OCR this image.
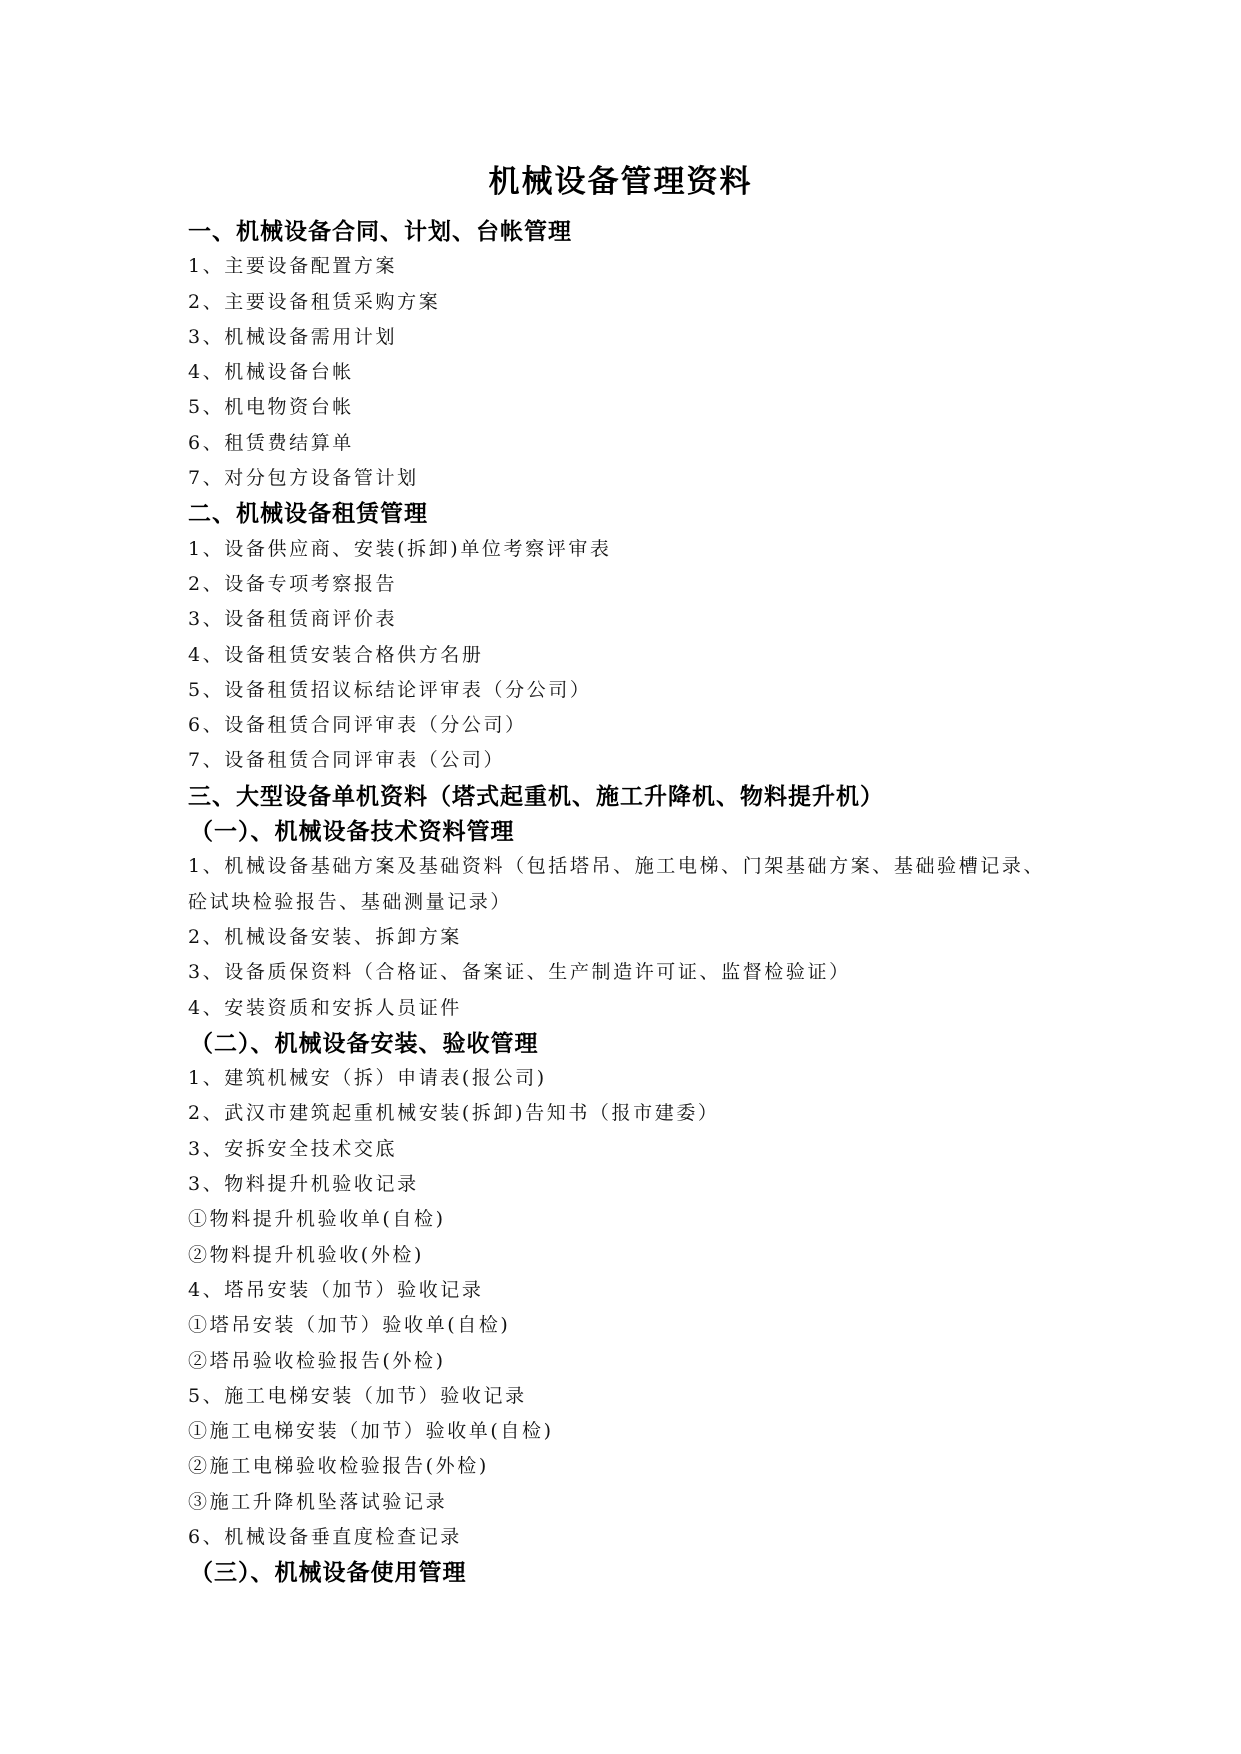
机械设备管理资料
一、机械设备合同、计划、台帐管理
1、主要设备配置方案
2、主要设备租赁采购方案
3、机械设备需用计划
4、机械设备台帐
5、机电物资台帐
6、租赁费结算单
7、对分包方设备管计划
二、机械设备租赁管理
1、设备供应商、安装(拆卸)单位考察评审表
2、设备专项考察报告
3、设备租赁商评价表
4、设备租赁安装合格供方名册
5、设备租赁招议标结论评审表（分公司）
6、设备租赁合同评审表（分公司）
7、设备租赁合同评审表（公司）
三、大型设备单机资料（塔式起重机、施工升降机、物料提升机）
（一）、机械设备技术资料管理
1、机械设备基础方案及基础资料（包括塔吊、施工电梯、门架基础方案、基础验槽记录、
砼试块检验报告、基础测量记录）
2、机械设备安装、拆卸方案
3、设备质保资料（合格证、备案证、生产制造许可证、监督检验证）
4、安装资质和安拆人员证件
（二）、机械设备安装、验收管理
1、建筑机械安（拆）申请表(报公司)
2、武汉市建筑起重机械安装(拆卸)告知书（报市建委）
3、安拆安全技术交底
3、物料提升机验收记录
①物料提升机验收单(自检)
②物料提升机验收(外检)
4、塔吊安装（加节）验收记录
①塔吊安装（加节）验收单(自检)
②塔吊验收检验报告(外检)
5、施工电梯安装（加节）验收记录
①施工电梯安装（加节）验收单(自检)
②施工电梯验收检验报告(外检)
③施工升降机坠落试验记录
6、机械设备垂直度检查记录
（三）、机械设备使用管理
